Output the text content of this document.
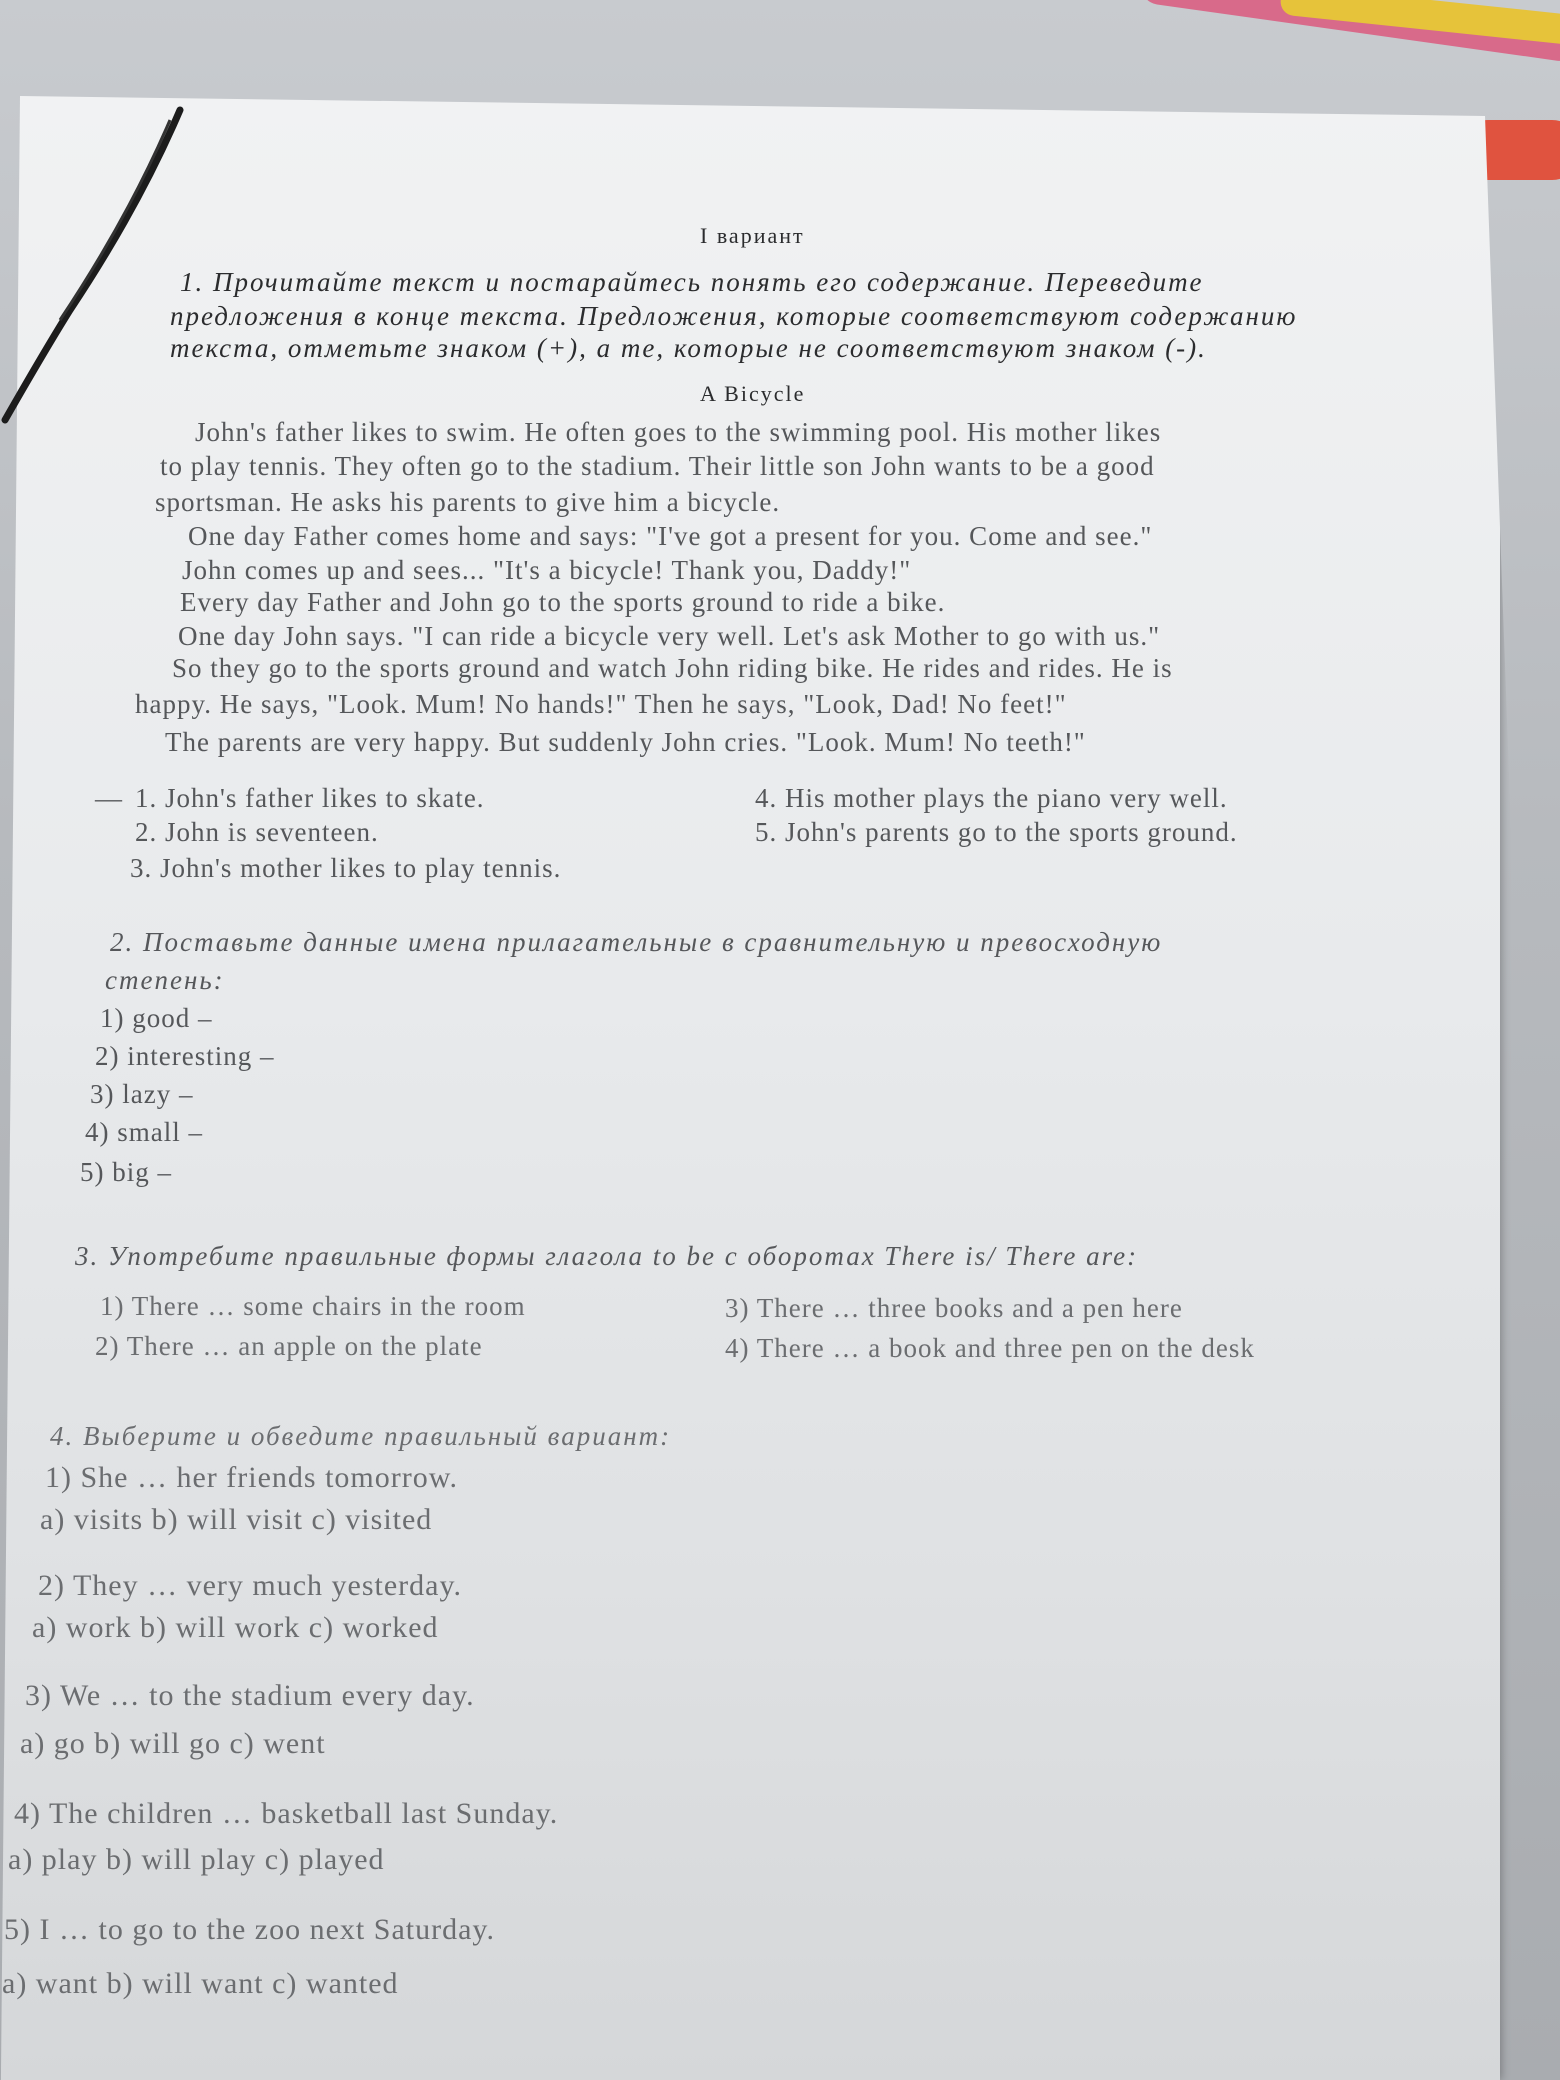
I вариант
1. Прочитайте текст и постарайтесь понять его содержание. Переведите
предложения в конце текста. Предложения, которые соответствуют содержанию
текста, отметьте знаком (+), а те, которые не соответствуют знаком (-).
A Bicycle
John's father likes to swim. He often goes to the swimming pool. His mother likes
to play tennis. They often go to the stadium. Their little son John wants to be a good
sportsman. He asks his parents to give him a bicycle.
One day Father comes home and says: "I've got a present for you. Come and see."
John comes up and sees... "It's a bicycle! Thank you, Daddy!"
Every day Father and John go to the sports ground to ride a bike.
One day John says. "I can ride a bicycle very well. Let's ask Mother to go with us."
So they go to the sports ground and watch John riding bike. He rides and rides. He is
happy. He says, "Look. Mum! No hands!" Then he says, "Look, Dad! No feet!"
The parents are very happy. But suddenly John cries. "Look. Mum! No teeth!"
— 1. John's father likes to skate.
2. John is seventeen.
3. John's mother likes to play tennis.
4. His mother plays the piano very well.
5. John's parents go to the sports ground.
2. Поставьте данные имена прилагательные в сравнительную и превосходную
степень:
1) good –
2) interesting –
3) lazy –
4) small –
5) big –
3. Употребите правильные формы глагола to be с оборотах There is/ There are:
1) There … some chairs in the room
2) There … an apple on the plate
3) There … three books and a pen here
4) There … a book and three pen on the desk
4. Выберите и обведите правильный вариант:
1) She … her friends tomorrow.
a) visits b) will visit c) visited
2) They … very much yesterday.
a) work b) will work c) worked
3) We … to the stadium every day.
a) go b) will go c) went
4) The children … basketball last Sunday.
a) play b) will play c) played
5) I … to go to the zoo next Saturday.
a) want b) will want c) wanted
